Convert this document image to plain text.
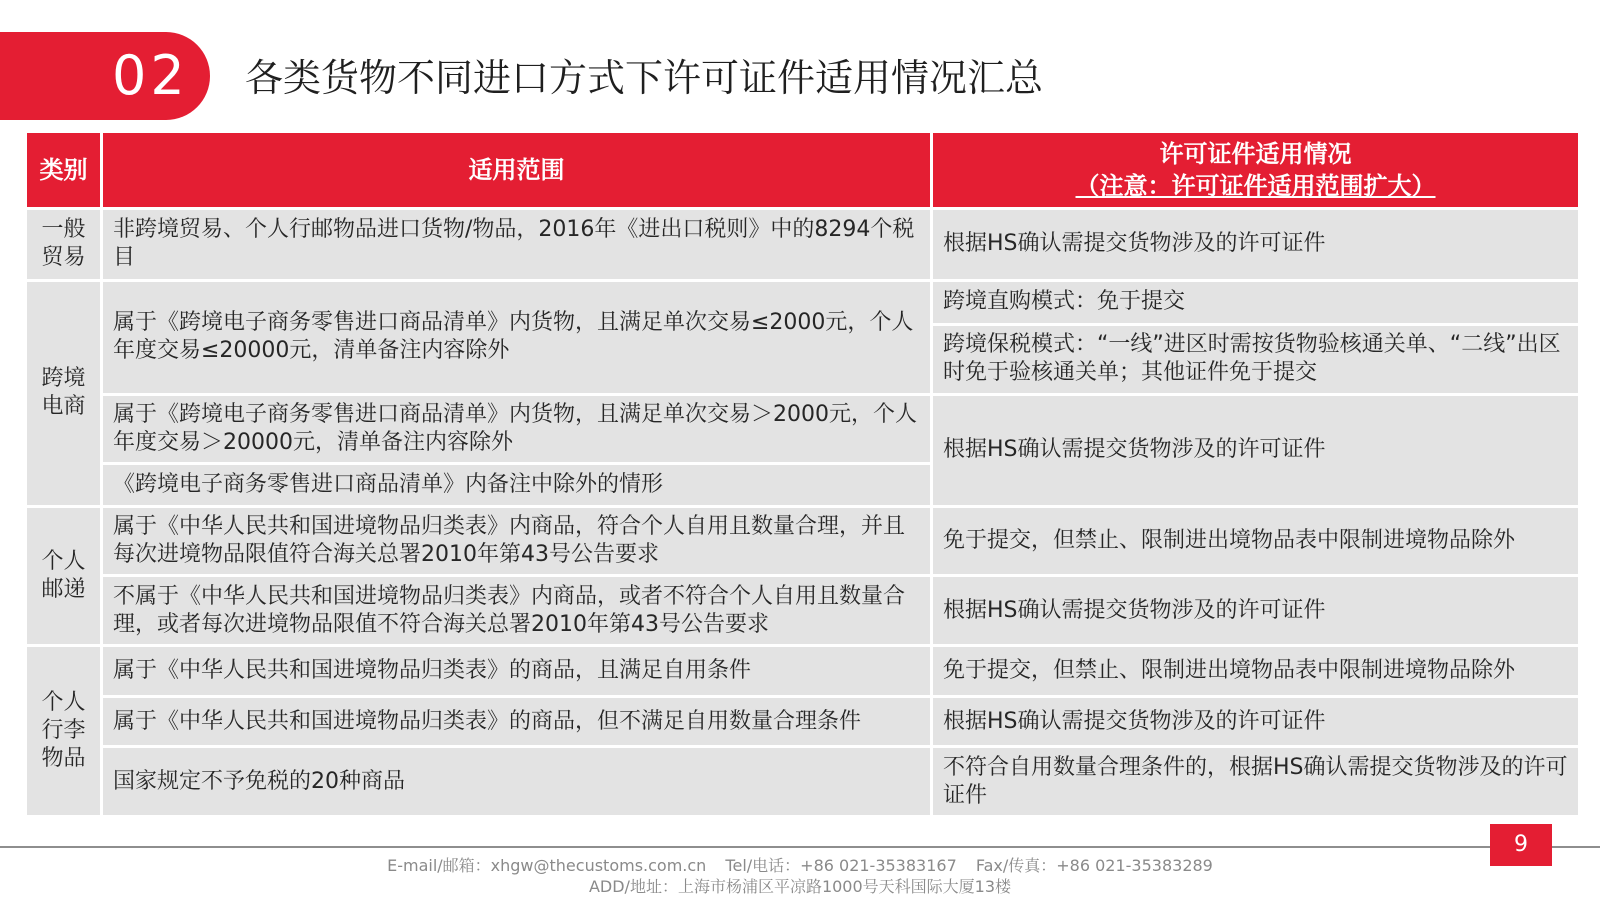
02	各类货物不同进口方式下许可证件适用情况汇总
类别	适用范围	许可证件适用情况
（注意：许可证件适用范围扩大）

一般
贸易	非跨境贸易、个人行邮物品进口货物/物品，2016年《进出口税则》中的8294个税目	根据HS确认需提交货物涉及的许可证件

跨境
电商	属于《跨境电子商务零售进口商品清单》内货物，且满足单次交易≤2000元，个人年度交易≤20000元，清单备注内容除外	跨境直购模式：免于提交
		跨境保税模式：“一线”进区时需按货物验核通关单、“二线”出区时免于验核通关单；其他证件免于提交
	属于《跨境电子商务零售进口商品清单》内货物，且满足单次交易＞2000元，个人年度交易＞20000元，清单备注内容除外	根据HS确认需提交货物涉及的许可证件
	《跨境电子商务零售进口商品清单》内备注中除外的情形	

个人
邮递	属于《中华人民共和国进境物品归类表》内商品，符合个人自用且数量合理，并且每次进境物品限值符合海关总署2010年第43号公告要求	免于提交，但禁止、限制进出境物品表中限制进境物品除外
	不属于《中华人民共和国进境物品归类表》内商品，或者不符合个人自用且数量合理，或者每次进境物品限值不符合海关总署2010年第43号公告要求	根据HS确认需提交货物涉及的许可证件

个人
行李
物品	属于《中华人民共和国进境物品归类表》的商品，且满足自用条件	免于提交，但禁止、限制进出境物品表中限制进境物品除外
	属于《中华人民共和国进境物品归类表》的商品，但不满足自用数量合理条件	根据HS确认需提交货物涉及的许可证件
	国家规定不予免税的20种商品	不符合自用数量合理条件的，根据HS确认需提交货物涉及的许可证件
9
E-mail/邮箱：xhgw@thecustoms.com.cn Tel/电话：+86 021-35383167 Fax/传真：+86 021-35383289
ADD/地址：上海市杨浦区平凉路1000号天科国际大厦13楼
